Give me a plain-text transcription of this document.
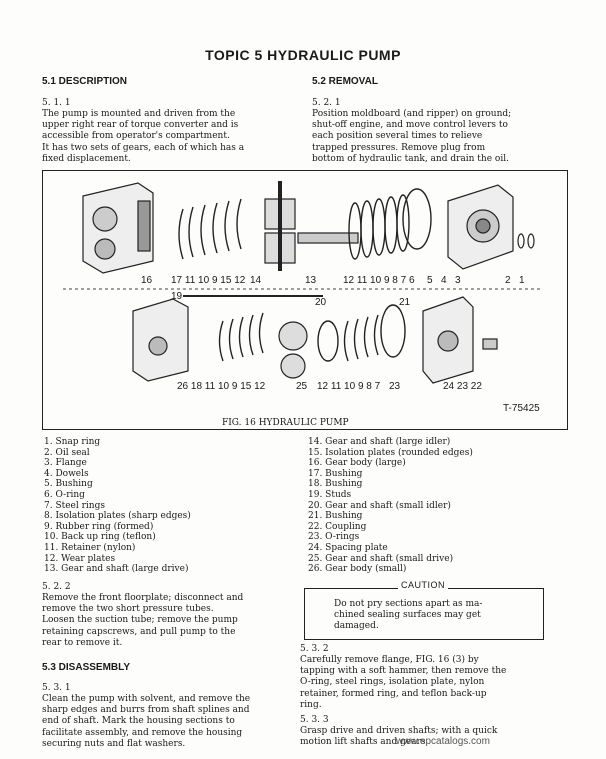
TOPIC 5 HYDRAULIC PUMP
5.1 DESCRIPTION
5. 1. 1
The pump is mounted and driven from the
upper right rear of torque converter and is
accessible from operator's compartment.
It has two sets of gears, each of which has a
fixed displacement.
5.2 REMOVAL
5. 2. 1
Position moldboard (and ripper) on ground;
shut-off engine, and move control levers to
each position several times to relieve
trapped pressures. Remove plug from
bottom of hydraulic tank, and drain the oil.
16 17 11 10 9 15 12 14	13	12 11 10 9 8 7 6 5 4 3	2 1
19
20	21
26 18 11 10 9 15 12	25 12 11 10 9 8 7 23	24 23 22
T-75425
FIG. 16 HYDRAULIC PUMP
1. Snap ring
2. Oil seal
3. Flange
4. Dowels
5. Bushing
6. O-ring
7. Steel rings
8. Isolation plates (sharp edges)
9. Rubber ring (formed)
10. Back up ring (teflon)
11. Retainer (nylon)
12. Wear plates
13. Gear and shaft (large drive)
14. Gear and shaft (large idler)
15. Isolation plates (rounded edges)
16. Gear body (large)
17. Bushing
18. Bushing
19. Studs
20. Gear and shaft (small idler)
21. Bushing
22. Coupling
23. O-rings
24. Spacing plate
25. Gear and shaft (small drive)
26. Gear body (small)
5. 2. 2
Remove the front floorplate; disconnect and
remove the two short pressure tubes.
Loosen the suction tube; remove the pump
retaining capscrews, and pull pump to the
rear to remove it.
CAUTION
Do not pry sections apart as ma-
chined sealing surfaces may get
damaged.
5.3 DISASSEMBLY
5. 3. 1
Clean the pump with solvent, and remove the
sharp edges and burrs from shaft splines and
end of shaft. Mark the housing sections to
facilitate assembly, and remove the housing
securing nuts and flat washers.
5. 3. 2
Carefully remove flange, FIG. 16 (3) by
tapping with a soft hammer, then remove the
O-ring, steel rings, isolation plate, nylon
retainer, formed ring, and teflon back-up
ring.
5. 3. 3
Grasp drive and driven shafts; with a quick
motion lift shafts and gears
www.epcatalogs.com
